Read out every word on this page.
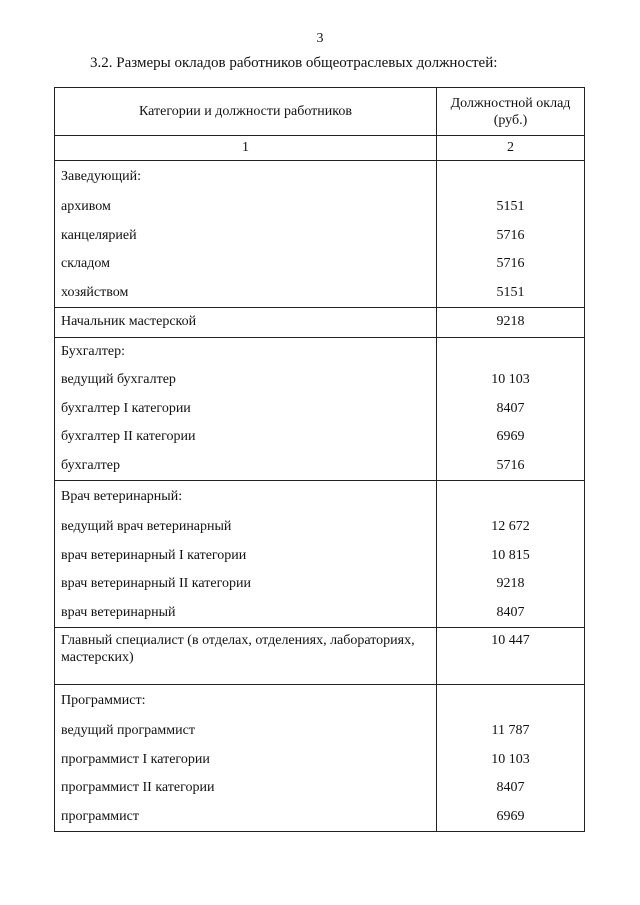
3
3.2. Размеры окладов работников общеотраслевых должностей:
Категории и должности работников	Должностной оклад (руб.)
1	2
Заведующий:	
архивом	5151
канцелярией	5716
складом	5716
хозяйством	5151
Начальник мастерской	9218
Бухгалтер:	
ведущий бухгалтер	10 103
бухгалтер I категории	8407
бухгалтер II категории	6969
бухгалтер	5716
Врач ветеринарный:	
ведущий врач ветеринарный	12 672
врач ветеринарный I категории	10 815
врач ветеринарный II категории	9218
врач ветеринарный	8407
Главный специалист (в отделах, отделениях, лабораториях, мастерских)	10 447
Программист:	
ведущий программист	11 787
программист I категории	10 103
программист II категории	8407
программист	6969
